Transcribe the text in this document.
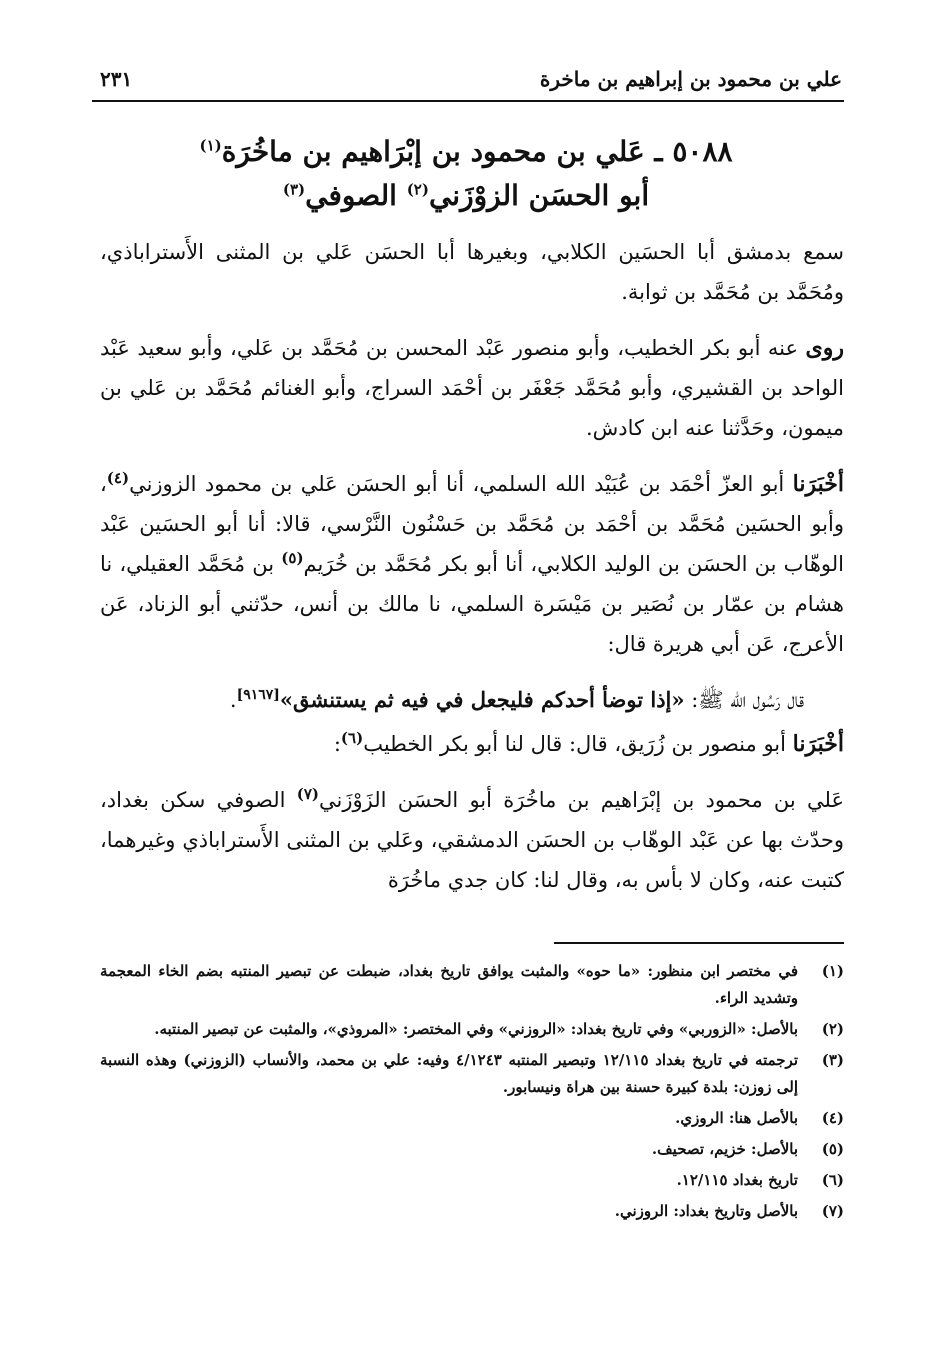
علي بن محمود بن إبراهيم بن ماخرة
٢٣١
٥٠٨٨ ـ عَلي بن محمود بن إبْرَاهيم بن ماخُرَة$^{(١)}$
أبو الحسَن الزوْزَني$^{(٢)}$ الصوفي$^{(٣)}$

سمع بدمشق أبا الحسَين الكلابي، وبغيرها أبا الحسَن عَلي بن المثنى الأَستراباذي، ومُحَمَّد بن مُحَمَّد بن ثوابة.

روى عنه أبو بكر الخطيب، وأبو منصور عَبْد المحسن بن مُحَمَّد بن عَلي، وأبو سعيد عَبْد الواحد بن القشيري، وأبو مُحَمَّد جَعْفَر بن أحْمَد السراج، وأبو الغنائم مُحَمَّد بن عَلي بن ميمون، وحَدَّثنا عنه ابن كادش.

أخْبَرَنا أبو العزّ أحْمَد بن عُبَيْد الله السلمي، أنا أبو الحسَن عَلي بن محمود الزوزني$^{(٤)}$، وأبو الحسَين مُحَمَّد بن أحْمَد بن مُحَمَّد بن حَسْنُون النَّرْسي، قالا: أنا أبو الحسَين عَبْد الوهّاب بن الحسَن بن الوليد الكلابي، أنا أبو بكر مُحَمَّد بن خُرَيم$^{(٥)}$ بن مُحَمَّد العقيلي، نا هشام بن عمّار بن نُصَير بن مَيْسَرة السلمي، نا مالك بن أنس، حدّثني أبو الزناد، عَن الأعرج، عَن أبي هريرة قال:

قال رَسُول الله ﷺ: «إذا توضأ أحدكم فليجعل في فيه ثم يستنشق»[٩١٦٧].

أخْبَرَنا أبو منصور بن زُرَيق، قال: قال لنا أبو بكر الخطيب$^{(٦)}$:

عَلي بن محمود بن إبْرَاهيم بن ماخُرَة أبو الحسَن الزَوْزَني$^{(٧)}$ الصوفي سكن بغداد، وحدّث بها عن عَبْد الوهّاب بن الحسَن الدمشقي، وعَلي بن المثنى الأَستراباذي وغيرهما، كتبت عنه، وكان لا بأس به، وقال لنا: كان جدي ماخُرَة

(١)
في مختصر ابن منظور: «ما حوه» والمثبت يوافق تاريخ بغداد، ضبطت عن تبصير المنتبه بضم الخاء المعجمة وتشديد الراء.
(٢)
بالأصل: «الزوربي» وفي تاريخ بغداد: «الروزني» وفي المختصر: «المروذي»، والمثبت عن تبصير المنتبه.
(٣)
ترجمته في تاريخ بغداد ١٢/١١٥ وتبصير المنتبه ٤/١٢٤٣ وفيه: علي بن محمد، والأنساب (الزوزني) وهذه النسبة إلى زوزن: بلدة كبيرة حسنة بين هراة ونيسابور.
(٤)
بالأصل هنا: الروزي.
(٥)
بالأصل: خزيم، تصحيف.
(٦)
تاريخ بغداد ١٢/١١٥.
(٧)
بالأصل وتاريخ بغداد: الروزني.
